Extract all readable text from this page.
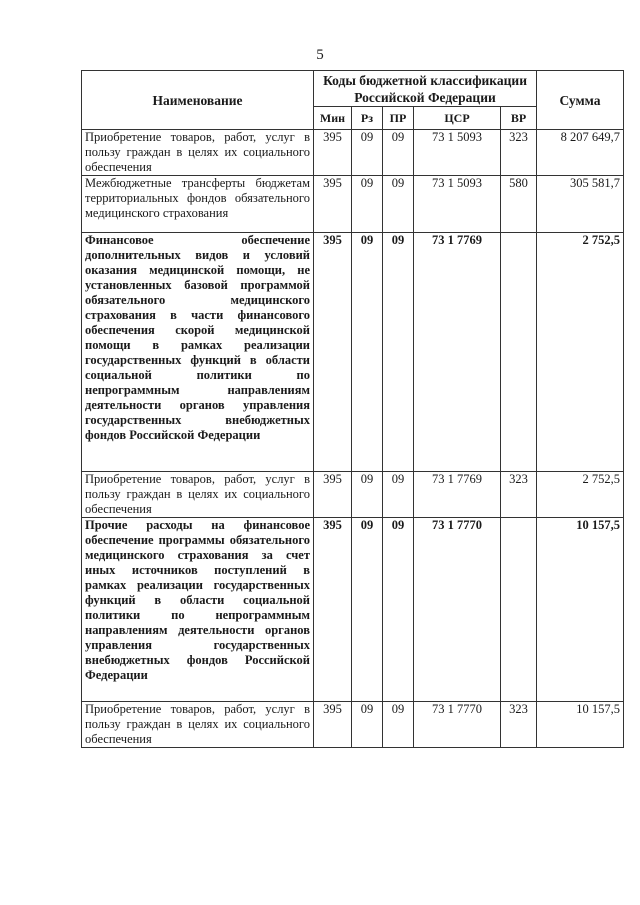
5
Наименование	Коды бюджетной классификации Российской Федерации					Сумма
	Мин	Рз	ПР	ЦСР	ВР	
Приобретение товаров, работ, услуг в пользу граждан в целях их социального обеспечения	395	09	09	73 1 5093	323	8 207 649,7
Межбюджетные трансферты бюджетам территориальных фондов обязательного медицинского страхования	395	09	09	73 1 5093	580	305 581,7
Финансовое обеспечение дополнительных видов и условий оказания медицинской помощи, не установленных базовой программой обязательного медицинского страхования в части финансового обеспечения скорой медицинской помощи в рамках реализации государственных функций в области социальной политики по непрограммным направлениям деятельности органов управления государственных внебюджетных фондов Российской Федерации	395	09	09	73 1 7769		2 752,5
Приобретение товаров, работ, услуг в пользу граждан в целях их социального обеспечения	395	09	09	73 1 7769	323	2 752,5
Прочие расходы на финансовое обеспечение программы обязательного медицинского страхования за счет иных источников поступлений в рамках реализации государственных функций в области социальной политики по непрограммным направлениям деятельности органов управления государственных внебюджетных фондов Российской Федерации	395	09	09	73 1 7770		10 157,5
Приобретение товаров, работ, услуг в пользу граждан в целях их социального обеспечения	395	09	09	73 1 7770	323	10 157,5
